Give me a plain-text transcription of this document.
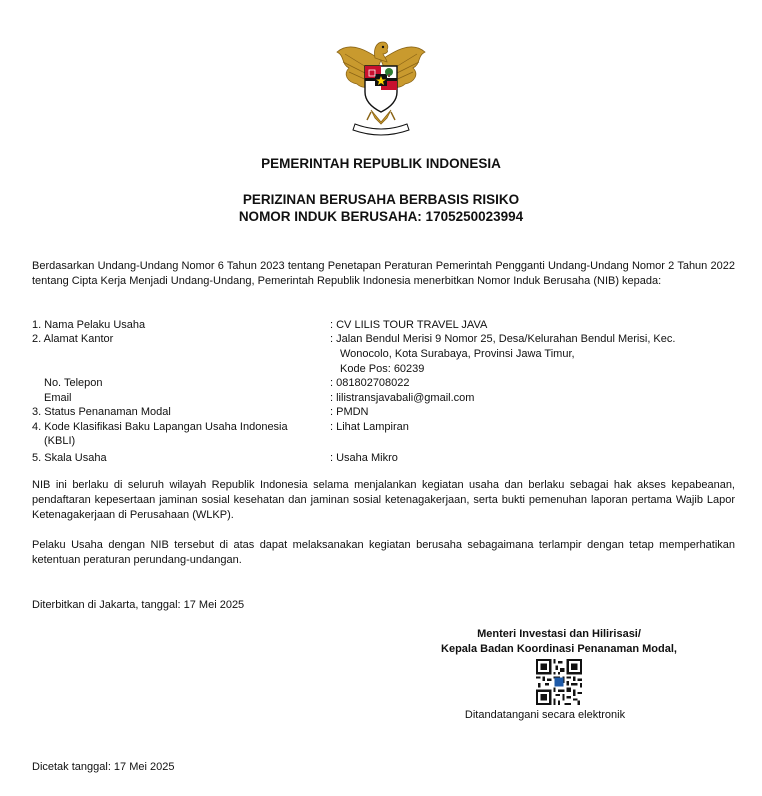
PEMERINTAH REPUBLIK INDONESIA
PERIZINAN BERUSAHA BERBASIS RISIKO
NOMOR INDUK BERUSAHA: 1705250023994
Berdasarkan Undang-Undang Nomor 6 Tahun 2023 tentang Penetapan Peraturan Pemerintah Pengganti Undang-Undang Nomor 2 Tahun 2022 tentang Cipta Kerja Menjadi Undang-Undang, Pemerintah Republik Indonesia menerbitkan Nomor Induk Berusaha (NIB) kepada:
1. Nama Pelaku Usaha	: CV LILIS TOUR TRAVEL JAVA
2. Alamat Kantor	: Jalan Bendul Merisi 9 Nomor 25, Desa/Kelurahan Bendul Merisi, Kec.
Wonocolo, Kota Surabaya, Provinsi Jawa Timur,
Kode Pos: 60239
No. Telepon	: 081802708022
Email	: lilistransjavabali@gmail.com
3. Status Penanaman Modal	: PMDN
4. Kode Klasifikasi Baku Lapangan Usaha Indonesia
(KBLI)
: Lihat Lampiran
5. Skala Usaha	: Usaha Mikro
NIB ini berlaku di seluruh wilayah Republik Indonesia selama menjalankan kegiatan usaha dan berlaku sebagai hak akses kepabeanan, pendaftaran kepesertaan jaminan sosial kesehatan dan jaminan sosial ketenagakerjaan, serta bukti pemenuhan laporan pertama Wajib Lapor Ketenagakerjaan di Perusahaan (WLKP).
Pelaku Usaha dengan NIB tersebut di atas dapat melaksanakan kegiatan berusaha sebagaimana terlampir dengan tetap memperhatikan ketentuan peraturan perundang-undangan.
Diterbitkan di Jakarta, tanggal: 17 Mei 2025
Menteri Investasi dan Hilirisasi/
Kepala Badan Koordinasi Penanaman Modal,
Ditandatangani secara elektronik
Dicetak tanggal: 17 Mei 2025
